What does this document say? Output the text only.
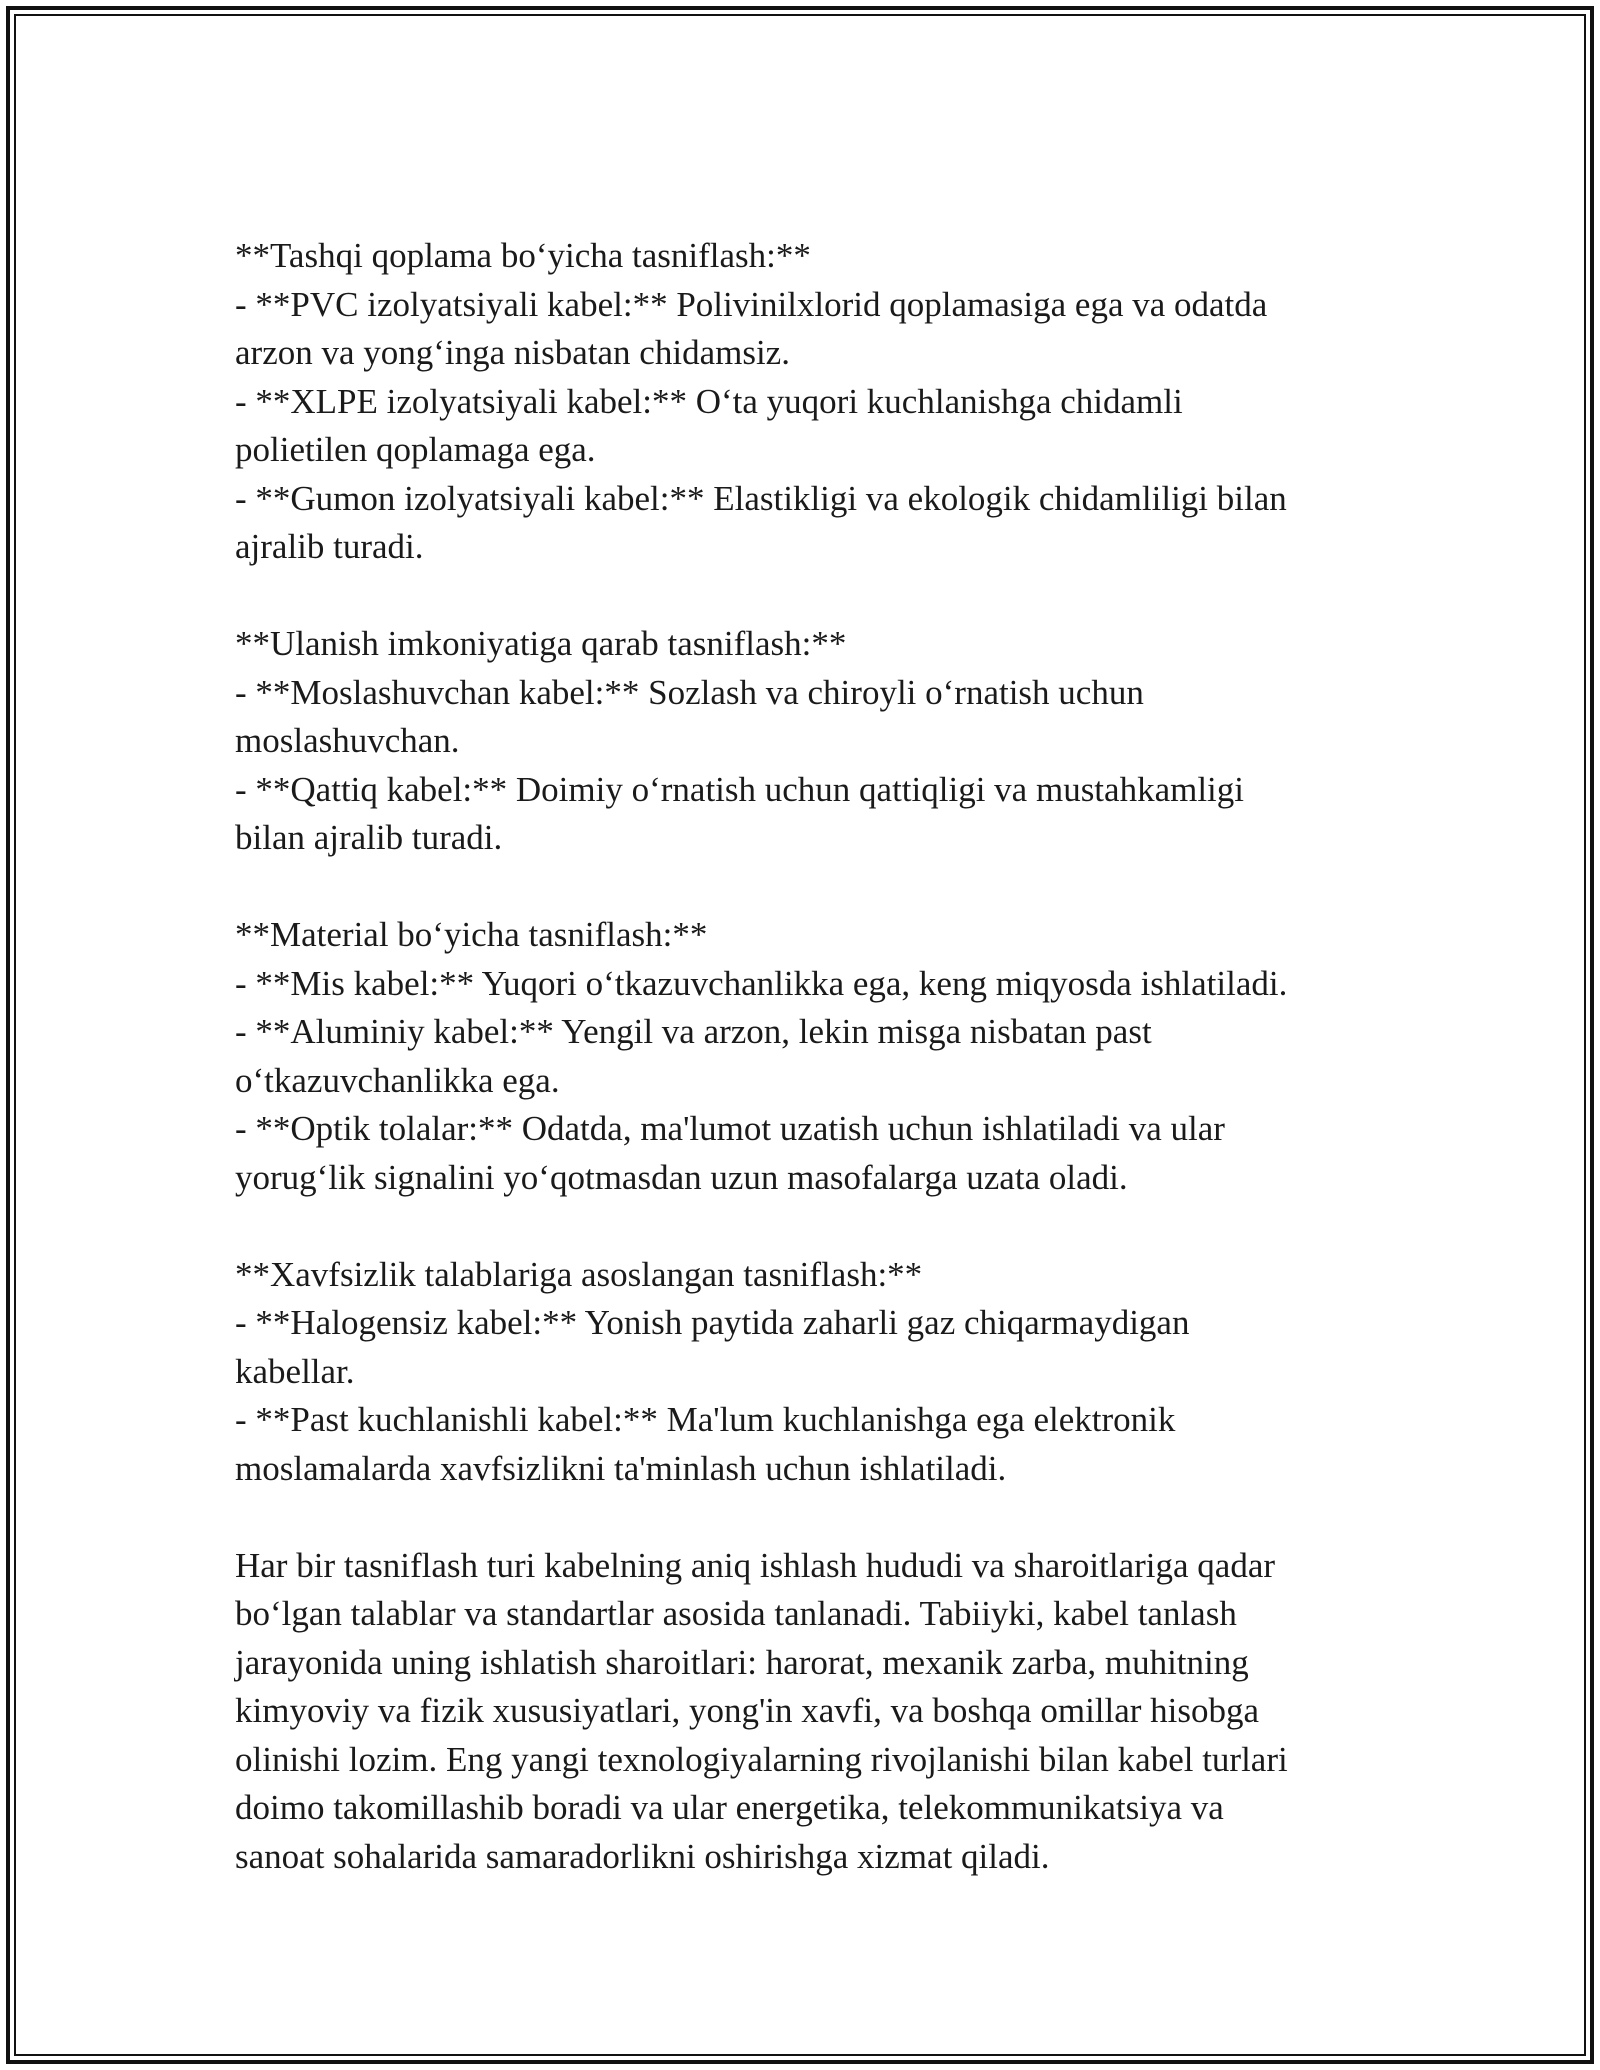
**Tashqi qoplama bo‘yicha tasniflash:**
- **PVC izolyatsiyali kabel:** Polivinilxlorid qoplamasiga ega va odatda
arzon va yong‘inga nisbatan chidamsiz.
- **XLPE izolyatsiyali kabel:** O‘ta yuqori kuchlanishga chidamli
polietilen qoplamaga ega.
- **Gumon izolyatsiyali kabel:** Elastikligi va ekologik chidamliligi bilan
ajralib turadi.
**Ulanish imkoniyatiga qarab tasniflash:**
- **Moslashuvchan kabel:** Sozlash va chiroyli o‘rnatish uchun
moslashuvchan.
- **Qattiq kabel:** Doimiy o‘rnatish uchun qattiqligi va mustahkamligi
bilan ajralib turadi.
**Material bo‘yicha tasniflash:**
- **Mis kabel:** Yuqori o‘tkazuvchanlikka ega, keng miqyosda ishlatiladi.
- **Aluminiy kabel:** Yengil va arzon, lekin misga nisbatan past
o‘tkazuvchanlikka ega.
- **Optik tolalar:** Odatda, ma'lumot uzatish uchun ishlatiladi va ular
yorug‘lik signalini yo‘qotmasdan uzun masofalarga uzata oladi.
**Xavfsizlik talablariga asoslangan tasniflash:**
- **Halogensiz kabel:** Yonish paytida zaharli gaz chiqarmaydigan
kabellar.
- **Past kuchlanishli kabel:** Ma'lum kuchlanishga ega elektronik
moslamalarda xavfsizlikni ta'minlash uchun ishlatiladi.
Har bir tasniflash turi kabelning aniq ishlash hududi va sharoitlariga qadar
bo‘lgan talablar va standartlar asosida tanlanadi. Tabiiyki, kabel tanlash
jarayonida uning ishlatish sharoitlari: harorat, mexanik zarba, muhitning
kimyoviy va fizik xususiyatlari, yong'in xavfi, va boshqa omillar hisobga
olinishi lozim. Eng yangi texnologiyalarning rivojlanishi bilan kabel turlari
doimo takomillashib boradi va ular energetika, telekommunikatsiya va
sanoat sohalarida samaradorlikni oshirishga xizmat qiladi.
